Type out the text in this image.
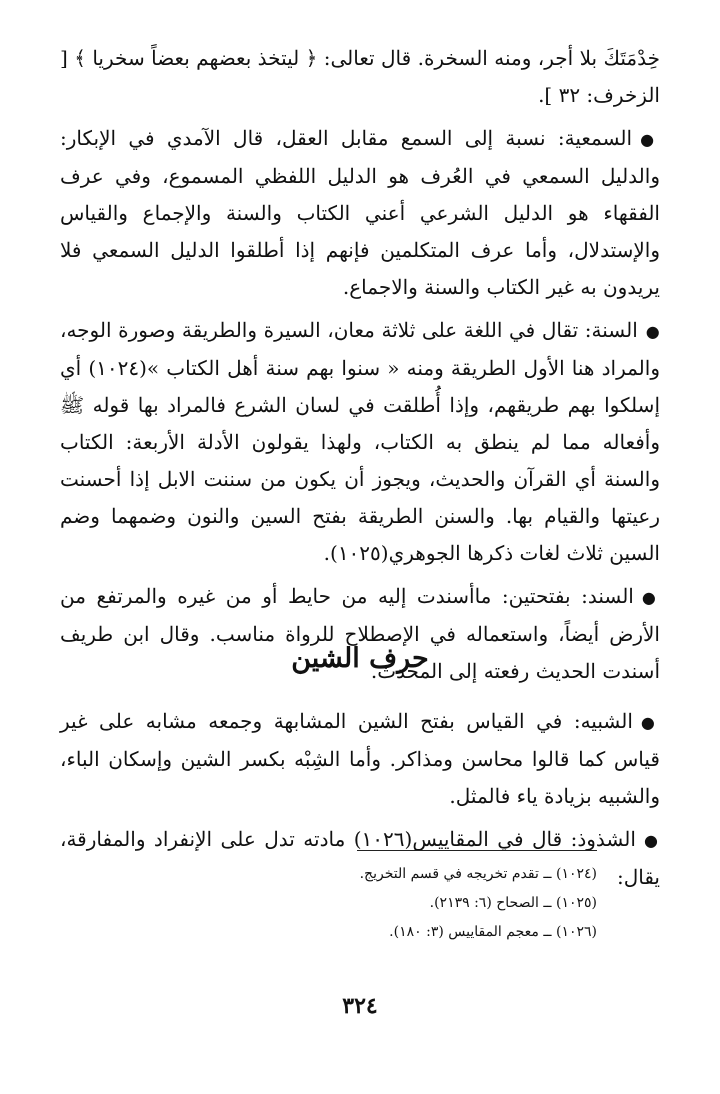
خِدْمَتَكَ بلا أجر، ومنه السخرة. قال تعالى: ﴿ ليتخذ بعضهم بعضاً سخريا ﴾ [ الزخرف: ٣٢ ].

●السمعية: نسبة إلى السمع مقابل العقل، قال الآمدي في الإبكار: والدليل السمعي في العُرف هو الدليل اللفظي المسموع، وفي عرف الفقهاء هو الدليل الشرعي أعني الكتاب والسنة والإجماع والقياس والإستدلال، وأما عرف المتكلمين فإنهم إذا أطلقوا الدليل السمعي فلا يريدون به غير الكتاب والسنة والاجماع.

●السنة: تقال في اللغة على ثلاثة معان، السيرة والطريقة وصورة الوجه، والمراد هنا الأول الطريقة ومنه « سنوا بهم سنة أهل الكتاب »(١٠٢٤) أي إسلكوا بهم طريقهم، وإذا أُطلقت في لسان الشرع فالمراد بها قوله ﷺ وأفعاله مما لم ينطق به الكتاب، ولهذا يقولون الأدلة الأربعة: الكتاب والسنة أي القرآن والحديث، ويجوز أن يكون من سننت الابل إذا أحسنت رعيتها والقيام بها. والسنن الطريقة بفتح السين والنون وضمهما وضم السين ثلاث لغات ذكرها الجوهري(١٠٢٥).

●السند: بفتحتين: ماأسندت إليه من حايط أو من غيره والمرتفع من الأرض أيضاً، واستعماله في الإصطلاح للرواة مناسب. وقال ابن طريف أسندت الحديث رفعته إلى المحدث.

حرف الشين

●الشبيه: في القياس بفتح الشين المشابهة وجمعه مشابه على غير قياس كما قالوا محاسن ومذاكر. وأما الشِبْه بكسر الشين وإسكان الباء، والشبيه بزيادة ياء فالمثل.

●الشذوذ: قال في المقاييس(١٠٢٦) مادته تدل على الإنفراد والمفارقة، يقال:

(١٠٢٤) ــ تقدم تخريجه في قسم التخريج.
(١٠٢٥) ــ الصحاح (٦: ٢١٣٩).
(١٠٢٦) ــ معجم المقاييس (٣: ١٨٠).
٣٢٤
